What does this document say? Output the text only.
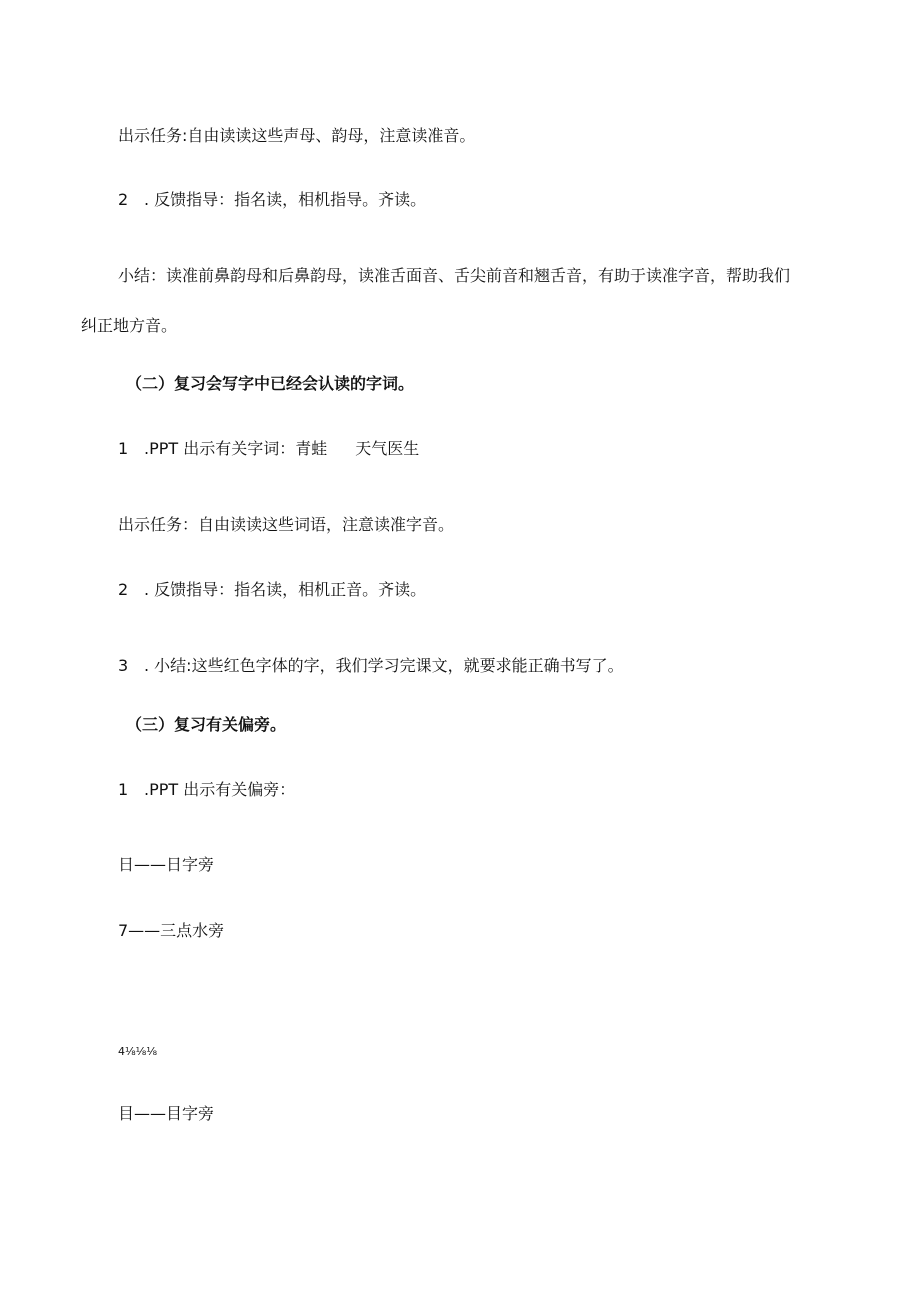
出示任务:自由读读这些声母、韵母，注意读准音。
2 . 反馈指导：指名读，相机指导。齐读。
小结：读准前鼻韵母和后鼻韵母，读准舌面音、舌尖前音和翘舌音，有助于读准字音，帮助我们
纠正地方音。
（二）复习会写字中已经会认读的字词。
1 .PPT 出示有关字词：青蛙 天气医生
出示任务：自由读读这些词语，注意读准字音。
2 . 反馈指导：指名读，相机正音。齐读。
3 . 小结:这些红色字体的字，我们学习完课文，就要求能正确书写了。
（三）复习有关偏旁。
1 .PPT 出示有关偏旁：
日——日字旁
7——三点水旁
4⅛⅛⅛
目——目字旁
